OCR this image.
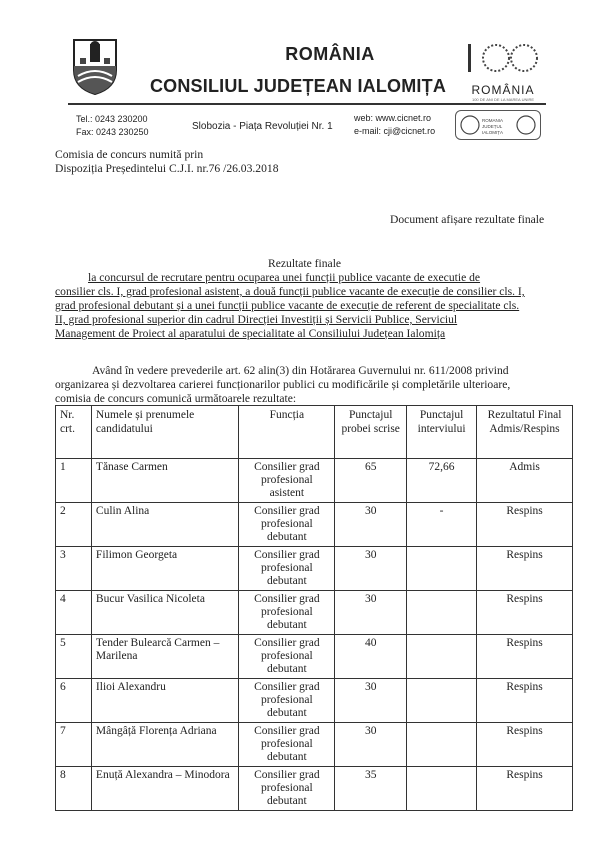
ROMÂNIA
CONSILIUL JUDEȚEAN IALOMIȚA	ROMÂNIA
100 DE ANI DE LA MAREA UNIRE
Tel.: 0243 230200
Fax: 0243 230250	Slobozia - Piața Revoluției Nr. 1
web: www.cicnet.ro
e-mail: cji@cicnet.ro
ROMANIA JUDEȚUL IALOMIȚA
Comisia de concurs numită prin
Dispoziția Președintelui C.J.I. nr.76 /26.03.2018
Document afișare rezultate finale
Rezultate finale
la concursul de recrutare pentru ocuparea unei funcții publice vacante de executie de
consilier cls. I, grad profesional asistent, a două funcții publice vacante de execuție de consilier cls. I,
grad profesional debutant și a unei funcții publice vacante de execuție de referent de specialitate cls.
II, grad profesional superior din cadrul Direcției Investiții și Servicii Publice, Serviciul
Management de Proiect al aparatului de specialitate al Consiliului Județean Ialomița
Având în vedere prevederile art. 62 alin(3) din Hotărarea Guvernului nr. 611/2008 privind
organizarea și dezvoltarea carierei funcționarilor publici cu modificările și completările ulterioare,
comisia de concurs comunică următoarele rezultate:
Nr. crt.	Numele și prenumele candidatului	Funcția	Punctajul probei scrise	Punctajul interviului	Rezultatul Final Admis/Respins
1	Tănase Carmen	Consilier grad profesional asistent	65	72,66	Admis
2	Culin Alina	Consilier grad profesional debutant	30	-	Respins
3	Filimon Georgeta	Consilier grad profesional debutant	30		Respins
4	Bucur Vasilica Nicoleta	Consilier grad profesional debutant	30		Respins
5	Tender Bulearcă Carmen – Marilena	Consilier grad profesional debutant	40		Respins
6	Ilioi Alexandru	Consilier grad profesional debutant	30		Respins
7	Mângâță Florența Adriana	Consilier grad profesional debutant	30		Respins
8	Enuță Alexandra – Minodora	Consilier grad profesional debutant	35		Respins
